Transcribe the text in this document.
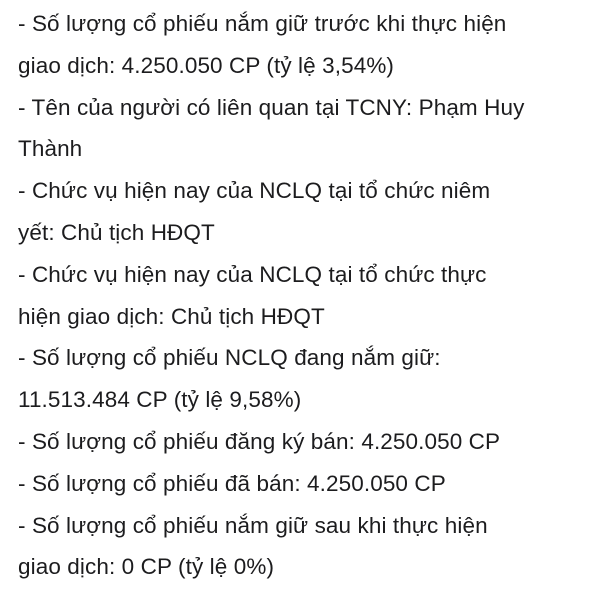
- Số lượng cổ phiếu nắm giữ trước khi thực hiện
giao dịch: 4.250.050 CP (tỷ lệ 3,54%)
- Tên của người có liên quan tại TCNY: Phạm Huy
Thành
- Chức vụ hiện nay của NCLQ tại tổ chức niêm
yết: Chủ tịch HĐQT
- Chức vụ hiện nay của NCLQ tại tổ chức thực
hiện giao dịch: Chủ tịch HĐQT
- Số lượng cổ phiếu NCLQ đang nắm giữ:
11.513.484 CP (tỷ lệ 9,58%)
- Số lượng cổ phiếu đăng ký bán: 4.250.050 CP
- Số lượng cổ phiếu đã bán: 4.250.050 CP
- Số lượng cổ phiếu nắm giữ sau khi thực hiện
giao dịch: 0 CP (tỷ lệ 0%)
